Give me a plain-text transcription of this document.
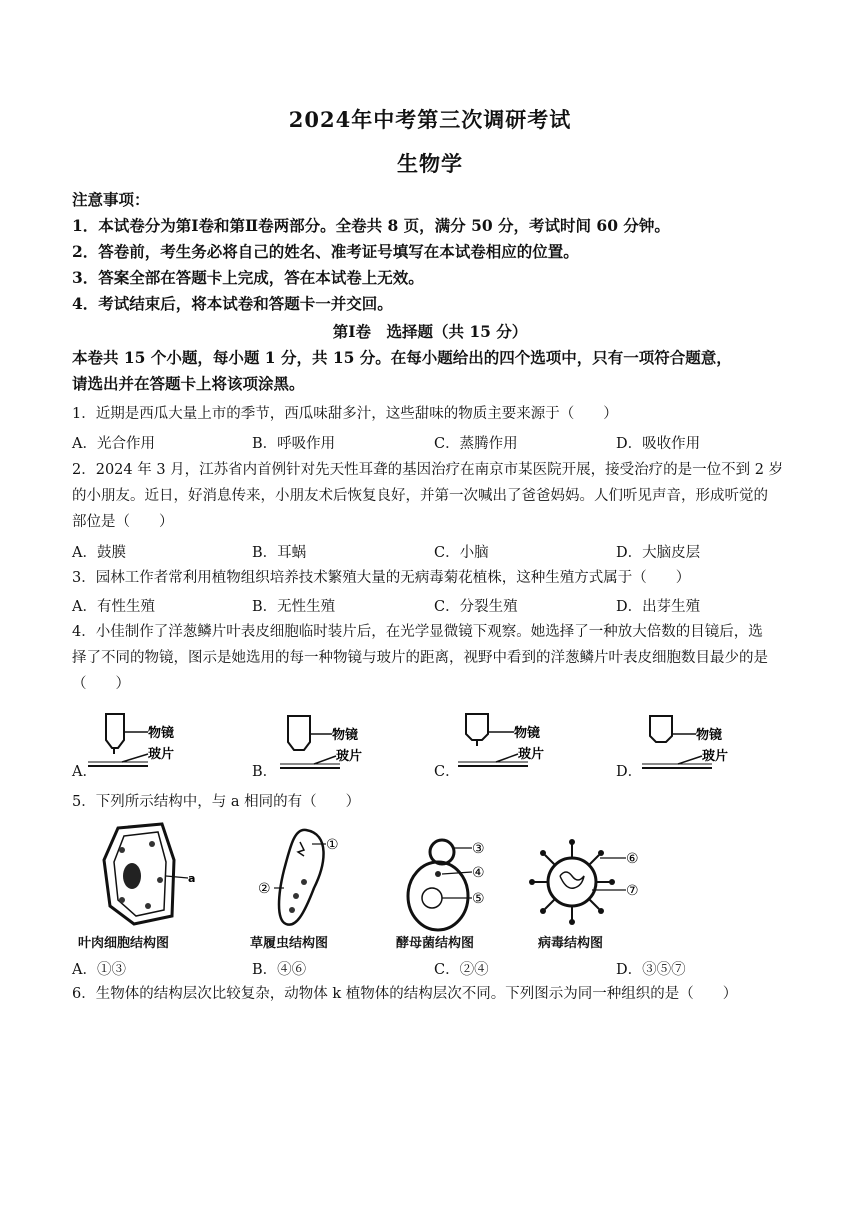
2024年中考第三次调研考试
生物学
注意事项：
1．本试卷分为第Ⅰ卷和第Ⅱ卷两部分。全卷共 8 页，满分 50 分，考试时间 60 分钟。
2．答卷前，考生务必将自己的姓名、准考证号填写在本试卷相应的位置。
3．答案全部在答题卡上完成，答在本试卷上无效。
4．考试结束后，将本试卷和答题卡一并交回。
第Ⅰ卷　选择题（共 15 分）
本卷共 15 个小题，每小题 1 分，共 15 分。在每小题给出的四个选项中，只有一项符合题意，
请选出并在答题卡上将该项涂黑。
1．近期是西瓜大量上市的季节，西瓜味甜多汁，这些甜味的物质主要来源于（　　）
A．光合作用	B．呼吸作用	C．蒸腾作用	D．吸收作用
2．2024 年 3 月，江苏省内首例针对先天性耳聋的基因治疗在南京市某医院开展，接受治疗的是一位不到 2 岁
的小朋友。近日，好消息传来，小朋友术后恢复良好，并第一次喊出了爸爸妈妈。人们听见声音，形成听觉的
部位是（　　）
A．鼓膜	B．耳蜗	C．小脑	D．大脑皮层
3．园林工作者常利用植物组织培养技术繁殖大量的无病毒菊花植株，这种生殖方式属于（　　）
A．有性生殖	B．无性生殖	C．分裂生殖	D．出芽生殖
4．小佳制作了洋葱鳞片叶表皮细胞临时装片后，在光学显微镜下观察。她选择了一种放大倍数的目镜后，选
择了不同的物镜，图示是她选用的每一种物镜与玻片的距离，视野中看到的洋葱鳞片叶表皮细胞数目最少的是
（　　）
A．
物镜
玻片
B．
物镜
玻片
C．
物镜
玻片
D．
物镜
玻片
5．下列所示结构中，与 a 相同的有（　　）
a
叶肉细胞结构图
①
②
草履虫结构图
③
④
⑤
酵母菌结构图
⑥
⑦
病毒结构图
A．①③	B．④⑥	C．②④	D．③⑤⑦
6．生物体的结构层次比较复杂，动物体 k 植物体的结构层次不同。下列图示为同一种组织的是（　　）
